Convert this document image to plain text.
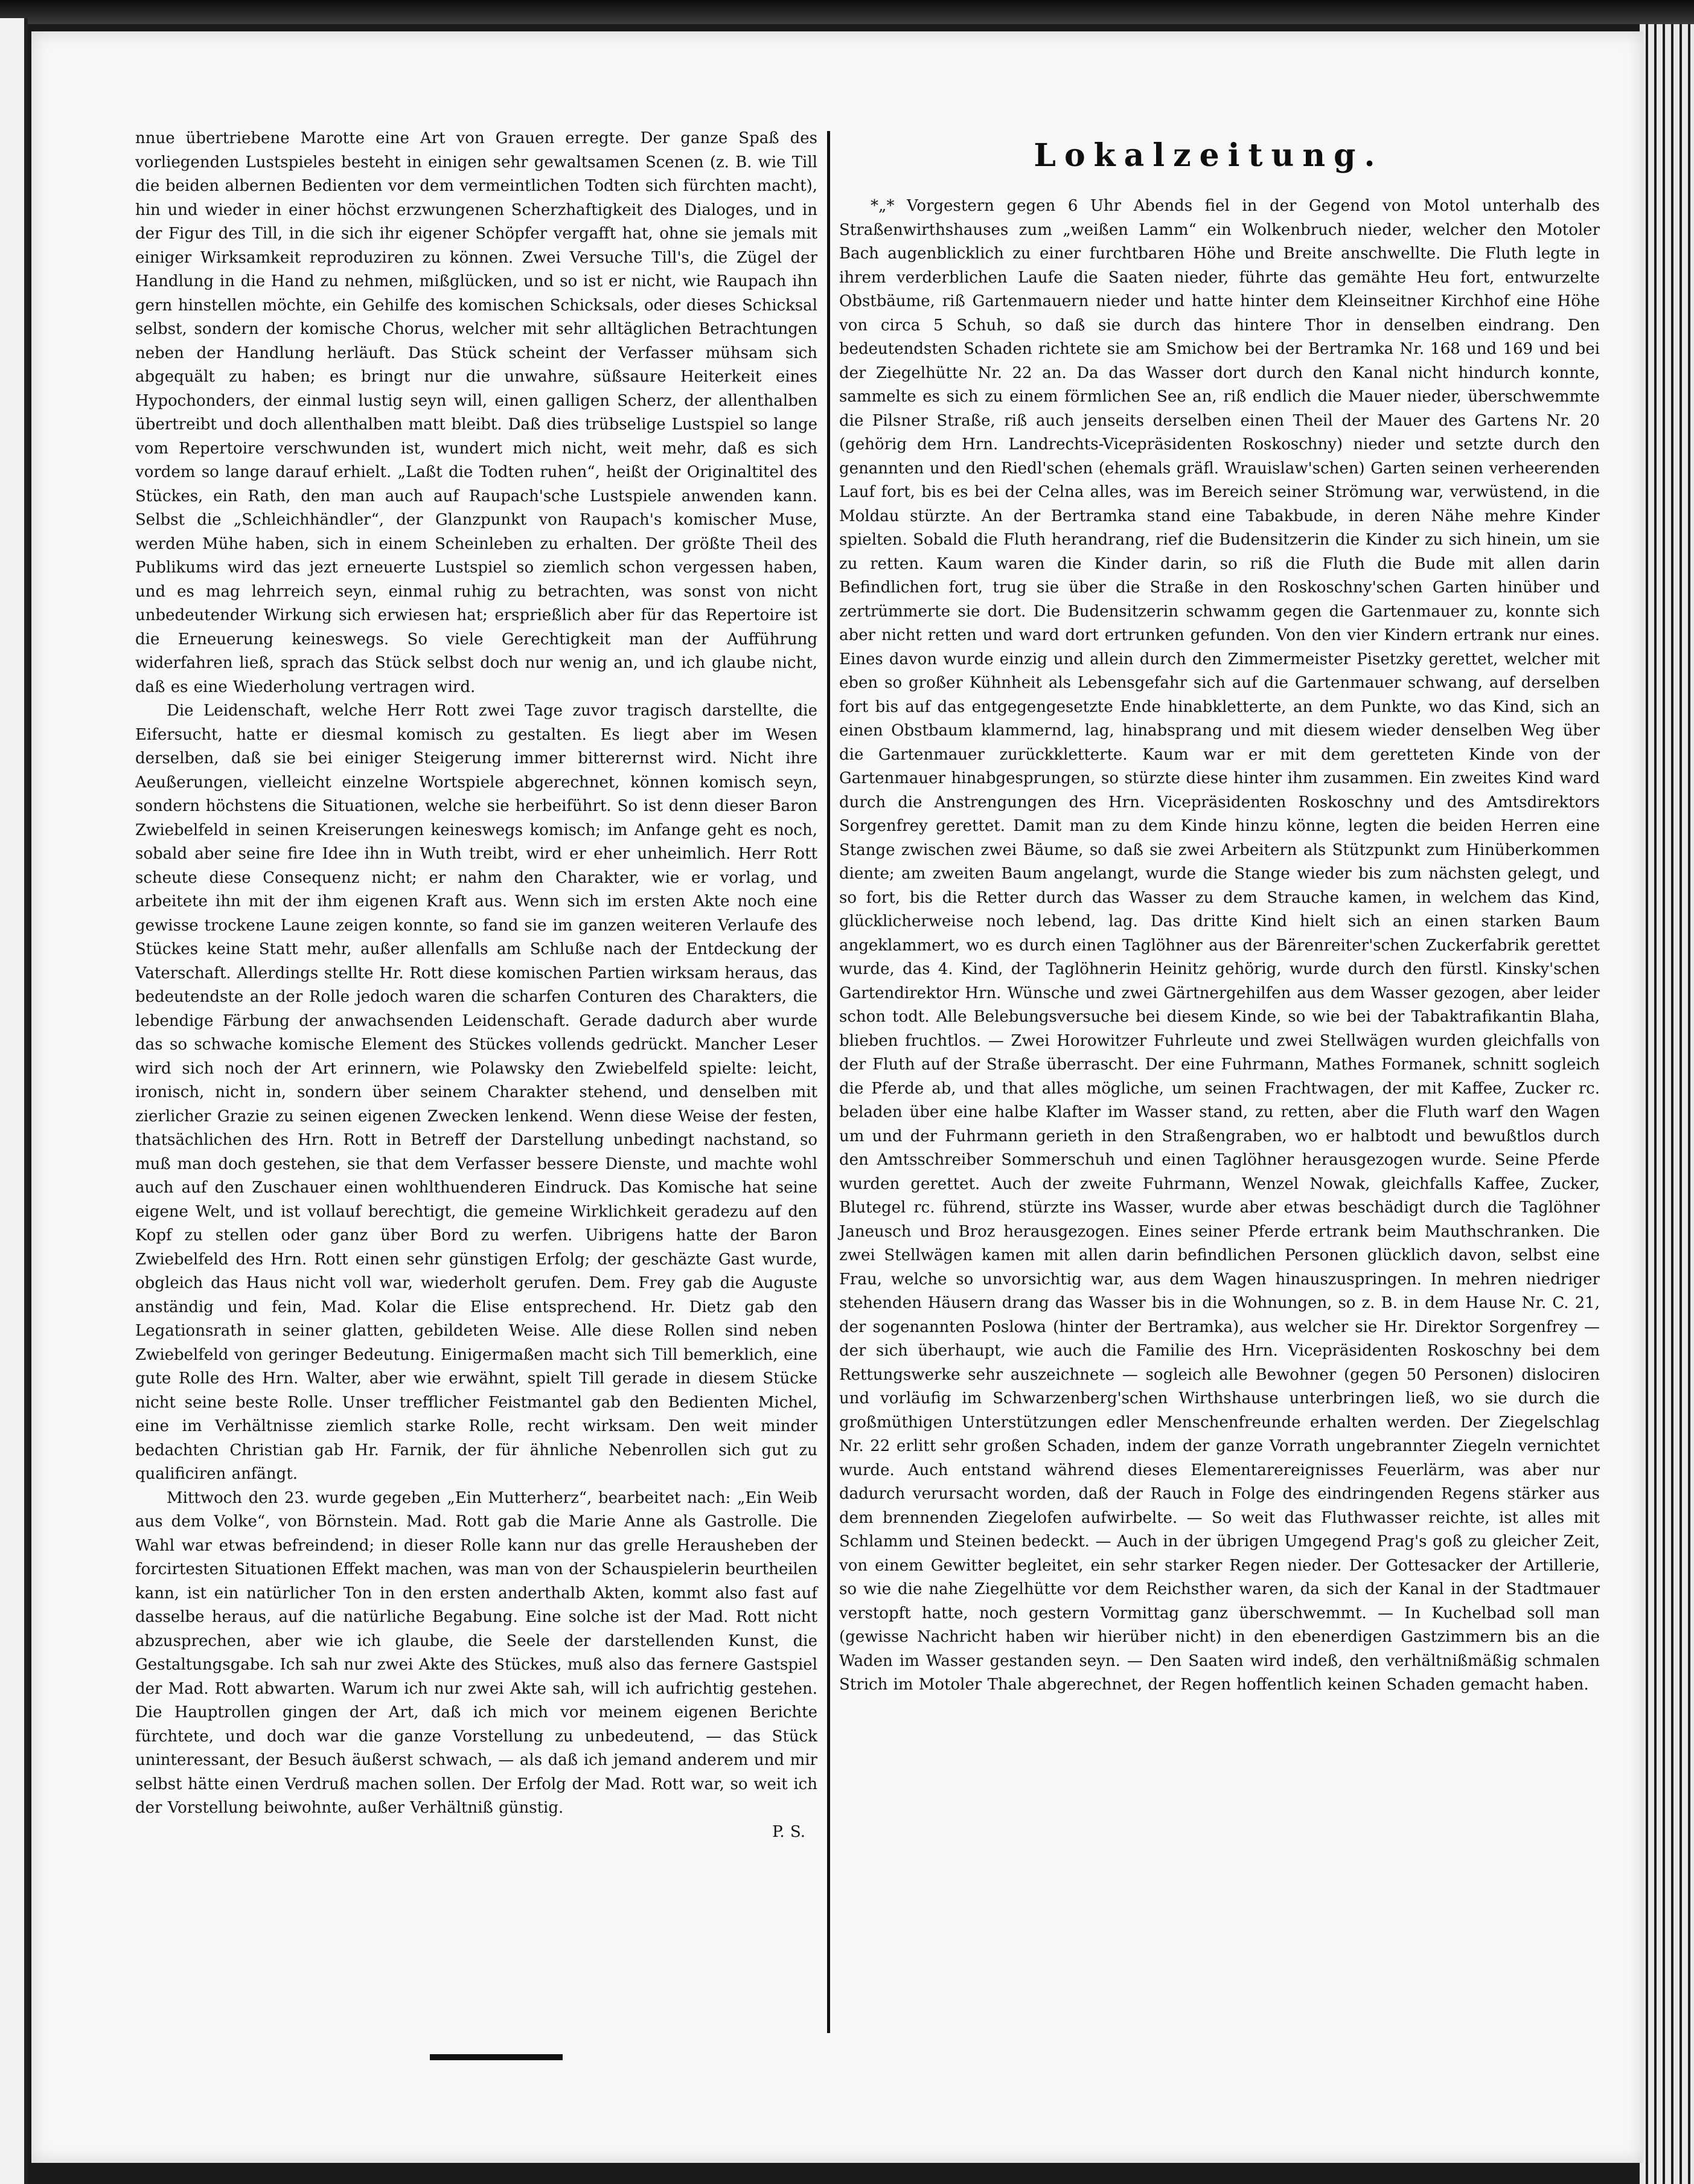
nnue übertriebene Marotte eine Art von Grauen erregte. Der ganze Spaß des vorliegenden Lustspieles besteht in einigen sehr gewaltsamen Scenen (z. B. wie Till die beiden albernen Bedienten vor dem vermeintlichen Todten sich fürchten macht), hin und wieder in einer höchst erzwungenen Scherzhaftigkeit des Dialoges, und in der Figur des Till, in die sich ihr eigener Schöpfer vergafft hat, ohne sie jemals mit einiger Wirksamkeit reproduziren zu können. Zwei Versuche Till's, die Zügel der Handlung in die Hand zu nehmen, mißglücken, und so ist er nicht, wie Raupach ihn gern hinstellen möchte, ein Gehilfe des komischen Schicksals, oder dieses Schicksal selbst, sondern der komische Chorus, welcher mit sehr alltäglichen Betrachtungen neben der Handlung herläuft. Das Stück scheint der Verfasser mühsam sich abgequält zu haben; es bringt nur die unwahre, süßsaure Heiterkeit eines Hypochonders, der einmal lustig seyn will, einen galligen Scherz, der allenthalben übertreibt und doch allenthalben matt bleibt. Daß dies trübselige Lustspiel so lange vom Repertoire verschwunden ist, wundert mich nicht, weit mehr, daß es sich vordem so lange darauf erhielt. „Laßt die Todten ruhen“, heißt der Originaltitel des Stückes, ein Rath, den man auch auf Raupach'sche Lustspiele anwenden kann. Selbst die „Schleichhändler“, der Glanzpunkt von Raupach's komischer Muse, werden Mühe haben, sich in einem Scheinleben zu erhalten. Der größte Theil des Publikums wird das jezt erneuerte Lustspiel so ziemlich schon vergessen haben, und es mag lehrreich seyn, einmal ruhig zu betrachten, was sonst von nicht unbedeutender Wirkung sich erwiesen hat; ersprießlich aber für das Repertoire ist die Erneuerung keineswegs. So viele Gerechtigkeit man der Aufführung widerfahren ließ, sprach das Stück selbst doch nur wenig an, und ich glaube nicht, daß es eine Wiederholung vertragen wird.

Die Leidenschaft, welche Herr Rott zwei Tage zuvor tragisch darstellte, die Eifersucht, hatte er diesmal komisch zu gestalten. Es liegt aber im Wesen derselben, daß sie bei einiger Steigerung immer bitterernst wird. Nicht ihre Aeußerungen, vielleicht einzelne Wortspiele abgerechnet, können komisch seyn, sondern höchstens die Situationen, welche sie herbeiführt. So ist denn dieser Baron Zwiebelfeld in seinen Kreiserungen keineswegs komisch; im Anfange geht es noch, sobald aber seine fire Idee ihn in Wuth treibt, wird er eher unheimlich. Herr Rott scheute diese Consequenz nicht; er nahm den Charakter, wie er vorlag, und arbeitete ihn mit der ihm eigenen Kraft aus. Wenn sich im ersten Akte noch eine gewisse trockene Laune zeigen konnte, so fand sie im ganzen weiteren Verlaufe des Stückes keine Statt mehr, außer allenfalls am Schluße nach der Entdeckung der Vaterschaft. Allerdings stellte Hr. Rott diese komischen Partien wirksam heraus, das bedeutendste an der Rolle jedoch waren die scharfen Conturen des Charakters, die lebendige Färbung der anwachsenden Leidenschaft. Gerade dadurch aber wurde das so schwache komische Element des Stückes vollends gedrückt. Mancher Leser wird sich noch der Art erinnern, wie Polawsky den Zwiebelfeld spielte: leicht, ironisch, nicht in, sondern über seinem Charakter stehend, und denselben mit zierlicher Grazie zu seinen eigenen Zwecken lenkend. Wenn diese Weise der festen, thatsächlichen des Hrn. Rott in Betreff der Darstellung unbedingt nachstand, so muß man doch gestehen, sie that dem Verfasser bessere Dienste, und machte wohl auch auf den Zuschauer einen wohlthuenderen Eindruck. Das Komische hat seine eigene Welt, und ist vollauf berechtigt, die gemeine Wirklichkeit geradezu auf den Kopf zu stellen oder ganz über Bord zu werfen. Uibrigens hatte der Baron Zwiebelfeld des Hrn. Rott einen sehr günstigen Erfolg; der geschäzte Gast wurde, obgleich das Haus nicht voll war, wiederholt gerufen. Dem. Frey gab die Auguste anständig und fein, Mad. Kolar die Elise entsprechend. Hr. Dietz gab den Legationsrath in seiner glatten, gebildeten Weise. Alle diese Rollen sind neben Zwiebelfeld von geringer Bedeutung. Einigermaßen macht sich Till bemerklich, eine gute Rolle des Hrn. Walter, aber wie erwähnt, spielt Till gerade in diesem Stücke nicht seine beste Rolle. Unser trefflicher Feistmantel gab den Bedienten Michel, eine im Verhältnisse ziemlich starke Rolle, recht wirksam. Den weit minder bedachten Christian gab Hr. Farnik, der für ähnliche Nebenrollen sich gut zu qualificiren anfängt.

Mittwoch den 23. wurde gegeben „Ein Mutterherz“, bearbeitet nach: „Ein Weib aus dem Volke“, von Börnstein. Mad. Rott gab die Marie Anne als Gastrolle. Die Wahl war etwas befreindend; in dieser Rolle kann nur das grelle Herausheben der forcirtesten Situationen Effekt machen, was man von der Schauspielerin beurtheilen kann, ist ein natürlicher Ton in den ersten anderthalb Akten, kommt also fast auf dasselbe heraus, auf die natürliche Begabung. Eine solche ist der Mad. Rott nicht abzusprechen, aber wie ich glaube, die Seele der darstellenden Kunst, die Gestaltungsgabe. Ich sah nur zwei Akte des Stückes, muß also das fernere Gastspiel der Mad. Rott abwarten. Warum ich nur zwei Akte sah, will ich aufrichtig gestehen. Die Hauptrollen gingen der Art, daß ich mich vor meinem eigenen Berichte fürchtete, und doch war die ganze Vorstellung zu unbedeutend, — das Stück uninteressant, der Besuch äußerst schwach, — als daß ich jemand anderem und mir selbst hätte einen Verdruß machen sollen. Der Erfolg der Mad. Rott war, so weit ich der Vorstellung beiwohnte, außer Verhältniß günstig.

P. S.

Lokalzeitung.

*„* Vorgestern gegen 6 Uhr Abends fiel in der Gegend von Motol unterhalb des Straßenwirthshauses zum „weißen Lamm“ ein Wolkenbruch nieder, welcher den Motoler Bach augenblicklich zu einer furchtbaren Höhe und Breite anschwellte. Die Fluth legte in ihrem verderblichen Laufe die Saaten nieder, führte das gemähte Heu fort, entwurzelte Obstbäume, riß Gartenmauern nieder und hatte hinter dem Kleinseitner Kirchhof eine Höhe von circa 5 Schuh, so daß sie durch das hintere Thor in denselben eindrang. Den bedeutendsten Schaden richtete sie am Smichow bei der Bertramka Nr. 168 und 169 und bei der Ziegelhütte Nr. 22 an. Da das Wasser dort durch den Kanal nicht hindurch konnte, sammelte es sich zu einem förmlichen See an, riß endlich die Mauer nieder, überschwemmte die Pilsner Straße, riß auch jenseits derselben einen Theil der Mauer des Gartens Nr. 20 (gehörig dem Hrn. Landrechts-Vicepräsidenten Roskoschny) nieder und setzte durch den genannten und den Riedl'schen (ehemals gräfl. Wrauislaw'schen) Garten seinen verheerenden Lauf fort, bis es bei der Celna alles, was im Bereich seiner Strömung war, verwüstend, in die Moldau stürzte. An der Bertramka stand eine Tabakbude, in deren Nähe mehre Kinder spielten. Sobald die Fluth herandrang, rief die Budensitzerin die Kinder zu sich hinein, um sie zu retten. Kaum waren die Kinder darin, so riß die Fluth die Bude mit allen darin Befindlichen fort, trug sie über die Straße in den Roskoschny'schen Garten hinüber und zertrümmerte sie dort. Die Budensitzerin schwamm gegen die Gartenmauer zu, konnte sich aber nicht retten und ward dort ertrunken gefunden. Von den vier Kindern ertrank nur eines. Eines davon wurde einzig und allein durch den Zimmermeister Pisetzky gerettet, welcher mit eben so großer Kühnheit als Lebensgefahr sich auf die Gartenmauer schwang, auf derselben fort bis auf das entgegengesetzte Ende hinabkletterte, an dem Punkte, wo das Kind, sich an einen Obstbaum klammernd, lag, hinabsprang und mit diesem wieder denselben Weg über die Gartenmauer zurückkletterte. Kaum war er mit dem geretteten Kinde von der Gartenmauer hinabgesprungen, so stürzte diese hinter ihm zusammen. Ein zweites Kind ward durch die Anstrengungen des Hrn. Vicepräsidenten Roskoschny und des Amtsdirektors Sorgenfrey gerettet. Damit man zu dem Kinde hinzu könne, legten die beiden Herren eine Stange zwischen zwei Bäume, so daß sie zwei Arbeitern als Stützpunkt zum Hinüberkommen diente; am zweiten Baum angelangt, wurde die Stange wieder bis zum nächsten gelegt, und so fort, bis die Retter durch das Wasser zu dem Strauche kamen, in welchem das Kind, glücklicherweise noch lebend, lag. Das dritte Kind hielt sich an einen starken Baum angeklammert, wo es durch einen Taglöhner aus der Bärenreiter'schen Zuckerfabrik gerettet wurde, das 4. Kind, der Taglöhnerin Heinitz gehörig, wurde durch den fürstl. Kinsky'schen Gartendirektor Hrn. Wünsche und zwei Gärtnergehilfen aus dem Wasser gezogen, aber leider schon todt. Alle Belebungsversuche bei diesem Kinde, so wie bei der Tabaktrafikantin Blaha, blieben fruchtlos. — Zwei Horowitzer Fuhrleute und zwei Stellwägen wurden gleichfalls von der Fluth auf der Straße überrascht. Der eine Fuhrmann, Mathes Formanek, schnitt sogleich die Pferde ab, und that alles mögliche, um seinen Frachtwagen, der mit Kaffee, Zucker rc. beladen über eine halbe Klafter im Wasser stand, zu retten, aber die Fluth warf den Wagen um und der Fuhrmann gerieth in den Straßengraben, wo er halbtodt und bewußtlos durch den Amtsschreiber Sommerschuh und einen Taglöhner herausgezogen wurde. Seine Pferde wurden gerettet. Auch der zweite Fuhrmann, Wenzel Nowak, gleichfalls Kaffee, Zucker, Blutegel rc. führend, stürzte ins Wasser, wurde aber etwas beschädigt durch die Taglöhner Janeusch und Broz herausgezogen. Eines seiner Pferde ertrank beim Mauthschranken. Die zwei Stellwägen kamen mit allen darin befindlichen Personen glücklich davon, selbst eine Frau, welche so unvorsichtig war, aus dem Wagen hinauszuspringen. In mehren niedriger stehenden Häusern drang das Wasser bis in die Wohnungen, so z. B. in dem Hause Nr. C. 21, der sogenannten Poslowa (hinter der Bertramka), aus welcher sie Hr. Direktor Sorgenfrey — der sich überhaupt, wie auch die Familie des Hrn. Vicepräsidenten Roskoschny bei dem Rettungswerke sehr auszeichnete — sogleich alle Bewohner (gegen 50 Personen) dislociren und vorläufig im Schwarzenberg'schen Wirthshause unterbringen ließ, wo sie durch die großmüthigen Unterstützungen edler Menschenfreunde erhalten werden. Der Ziegelschlag Nr. 22 erlitt sehr großen Schaden, indem der ganze Vorrath ungebrannter Ziegeln vernichtet wurde. Auch entstand während dieses Elementarereignisses Feuerlärm, was aber nur dadurch verursacht worden, daß der Rauch in Folge des eindringenden Regens stärker aus dem brennenden Ziegelofen aufwirbelte. — So weit das Fluthwasser reichte, ist alles mit Schlamm und Steinen bedeckt. — Auch in der übrigen Umgegend Prag's goß zu gleicher Zeit, von einem Gewitter begleitet, ein sehr starker Regen nieder. Der Gottesacker der Artillerie, so wie die nahe Ziegelhütte vor dem Reichsther waren, da sich der Kanal in der Stadtmauer verstopft hatte, noch gestern Vormittag ganz überschwemmt. — In Kuchelbad soll man (gewisse Nachricht haben wir hierüber nicht) in den ebenerdigen Gastzimmern bis an die Waden im Wasser gestanden seyn. — Den Saaten wird indeß, den verhältnißmäßig schmalen Strich im Motoler Thale abgerechnet, der Regen hoffentlich keinen Schaden gemacht haben.
